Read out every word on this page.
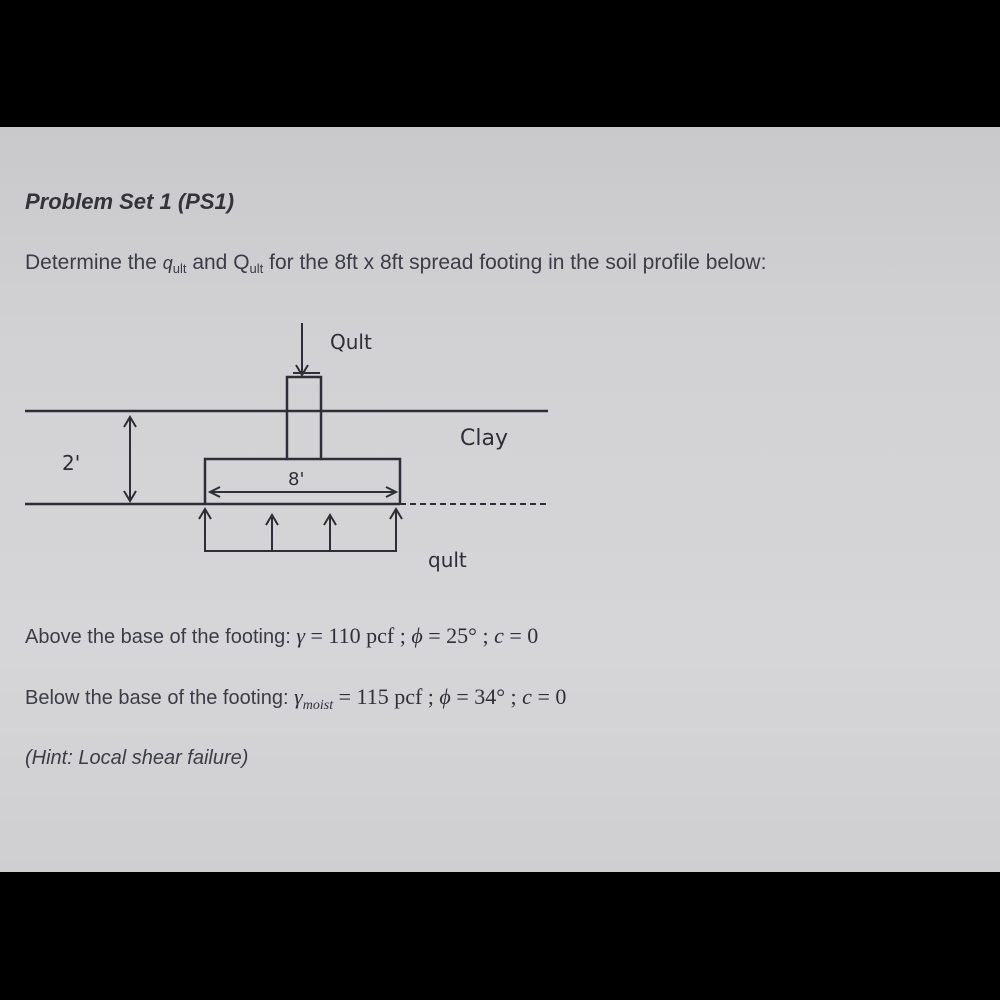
Problem Set 1 (PS1)
Determine the qult and Qult for the 8ft x 8ft spread footing in the soil profile below:
Qult
2'
8'
Clay
qult
Above the base of the footing: γ = 110 pcf ; ϕ = 25° ; c = 0
Below the base of the footing: $\gamma_{moist} = 115$ pcf ; ϕ = 34° ; c = 0
(Hint: Local shear failure)
